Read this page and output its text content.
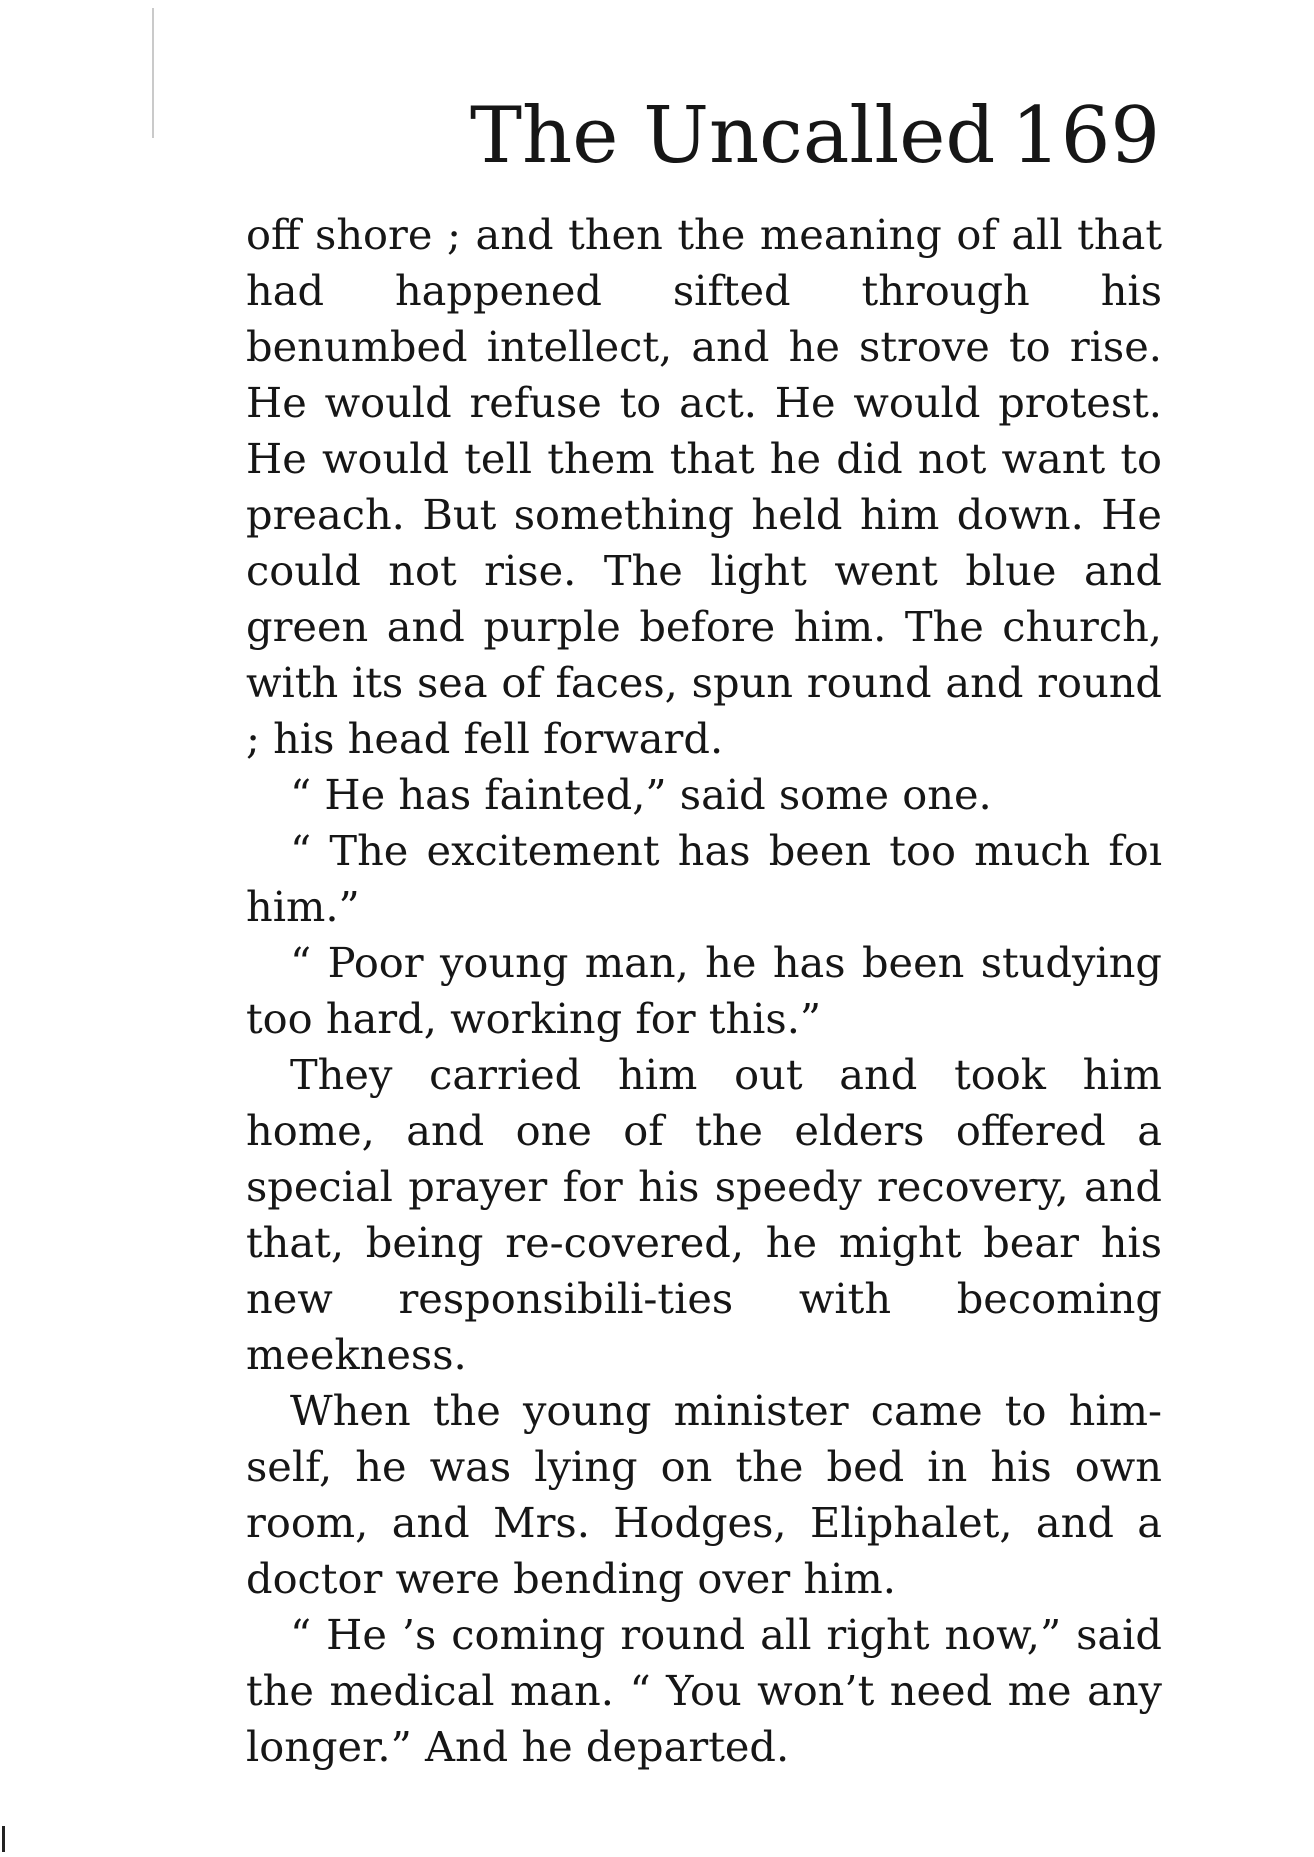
The Uncalled 169

off shore ; and then the meaning of all that had happened sifted through his benumbed intellect, and he strove to rise. He would refuse to act. He would protest. He would tell them that he did not want to preach. But something held him down. He could not rise. The light went blue and green and purple before him. The church, with its sea of faces, spun round and round ; his head fell forward.

“ He has fainted,” said some one.

“ The excitement has been too much foı him.”

“ Poor young man, he has been studying too hard, working for this.”

They carried him out and took him home, and one of the elders offered a special prayer for his speedy recovery, and that, being re-covered, he might bear his new responsibili-ties with becoming meekness.

When the young minister came to him-self, he was lying on the bed in his own room, and Mrs. Hodges, Eliphalet, and a doctor were bending over him.

“ He ’s coming round all right now,” said the medical man. “ You won’t need me any longer.” And he departed.
